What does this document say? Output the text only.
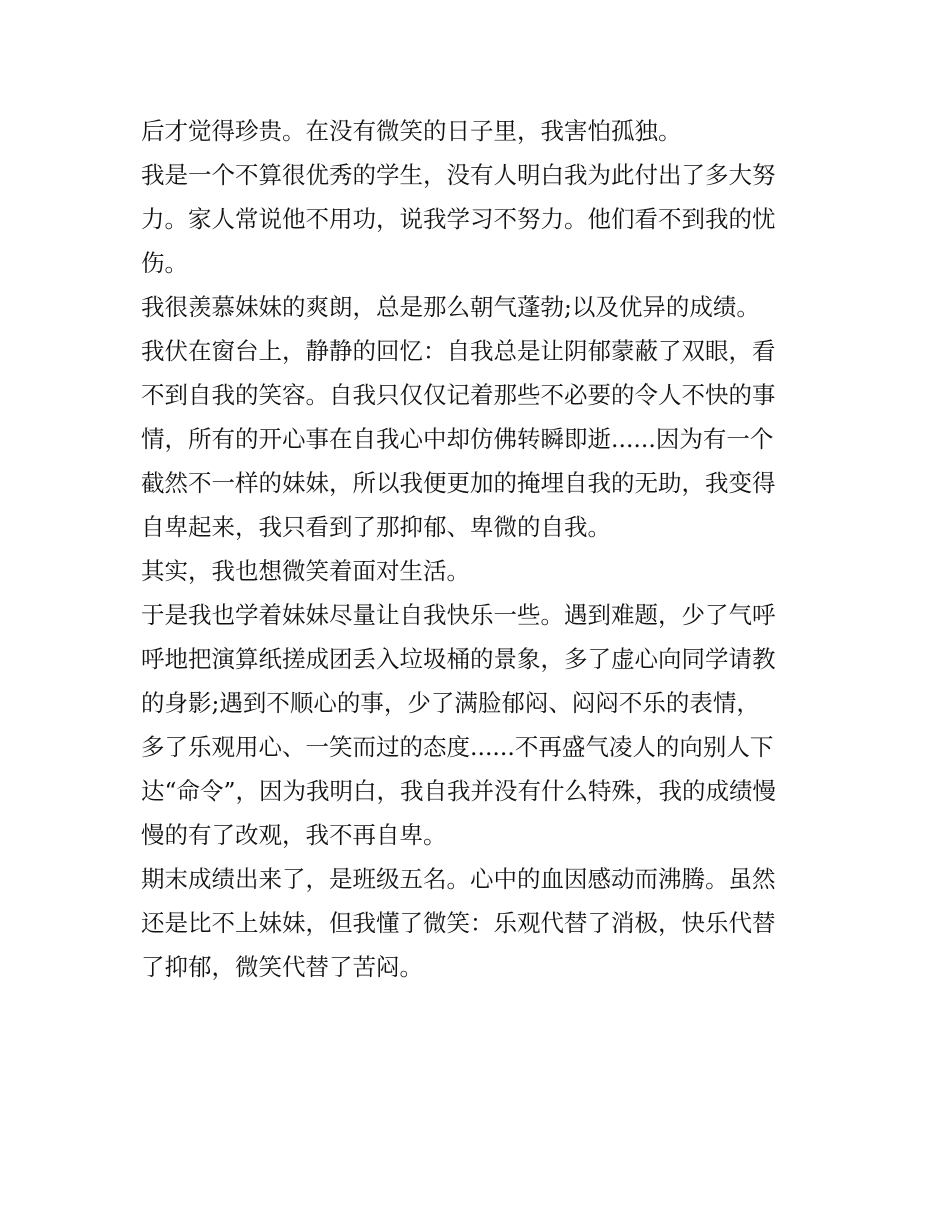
后才觉得珍贵。在没有微笑的日子里，我害怕孤独。
我是一个不算很优秀的学生，没有人明白我为此付出了多大努
力。家人常说他不用功，说我学习不努力。他们看不到我的忧
伤。
我很羡慕妹妹的爽朗，总是那么朝气蓬勃;以及优异的成绩。
我伏在窗台上，静静的回忆：自我总是让阴郁蒙蔽了双眼，看
不到自我的笑容。自我只仅仅记着那些不必要的令人不快的事
情，所有的开心事在自我心中却仿佛转瞬即逝......因为有一个
截然不一样的妹妹，所以我便更加的掩埋自我的无助，我变得
自卑起来，我只看到了那抑郁、卑微的自我。
其实，我也想微笑着面对生活。
于是我也学着妹妹尽量让自我快乐一些。遇到难题，少了气呼
呼地把演算纸搓成团丢入垃圾桶的景象，多了虚心向同学请教
的身影;遇到不顺心的事，少了满脸郁闷、闷闷不乐的表情，
多了乐观用心、一笑而过的态度......不再盛气凌人的向别人下
达“命令”，因为我明白，我自我并没有什么特殊，我的成绩慢
慢的有了改观，我不再自卑。
期末成绩出来了，是班级五名。心中的血因感动而沸腾。虽然
还是比不上妹妹，但我懂了微笑：乐观代替了消极，快乐代替
了抑郁，微笑代替了苦闷。
